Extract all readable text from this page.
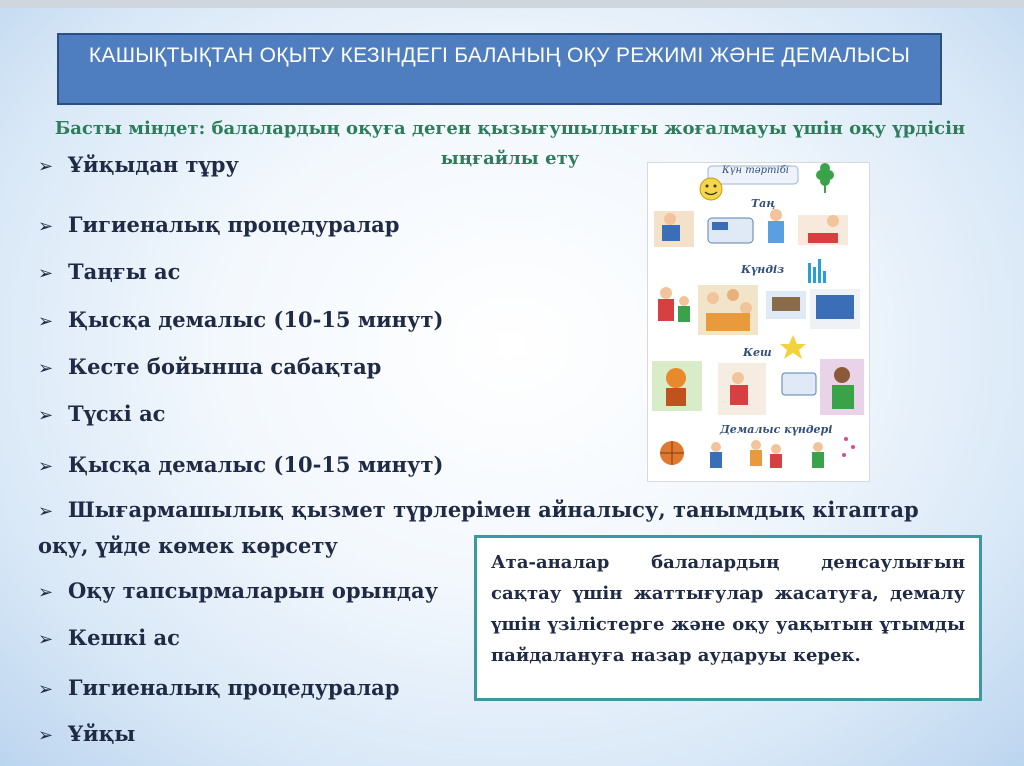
КАШЫҚТЫҚТАН ОҚЫТУ КЕЗІНДЕГІ БАЛАНЫҢ ОҚУ РЕЖИМІ ЖӘНЕ ДЕМАЛЫСЫ
Басты міндет: балалардың оқуға деген қызығушылығы жоғалмауы үшін оқу үрдісін ыңғайлы ету
➢ Ұйқыдан тұру
➢ Гигиеналық процедуралар
➢ Таңғы ас
➢ Қысқа демалыс (10-15 минут)
➢ Кесте бойынша сабақтар
➢ Түскі ас
➢ Қысқа демалыс (10-15 минут)
➢ Шығармашылық қызмет түрлерімен айналысу, танымдық кітаптар оқу, үйде көмек көрсету
➢ Оқу тапсырмаларын орындау
➢ Кешкі ас
➢ Гигиеналық процедуралар
➢ Ұйқы
Күн тәртібі
Таң
Күндіз
Кеш
Демалыс күндері
Ата-аналар балалардың денсаулығын сақтау үшін жаттығулар жасатуға, демалу үшін үзілістерге және оқу уақытын ұтымды пайдалануға назар аударуы керек.
